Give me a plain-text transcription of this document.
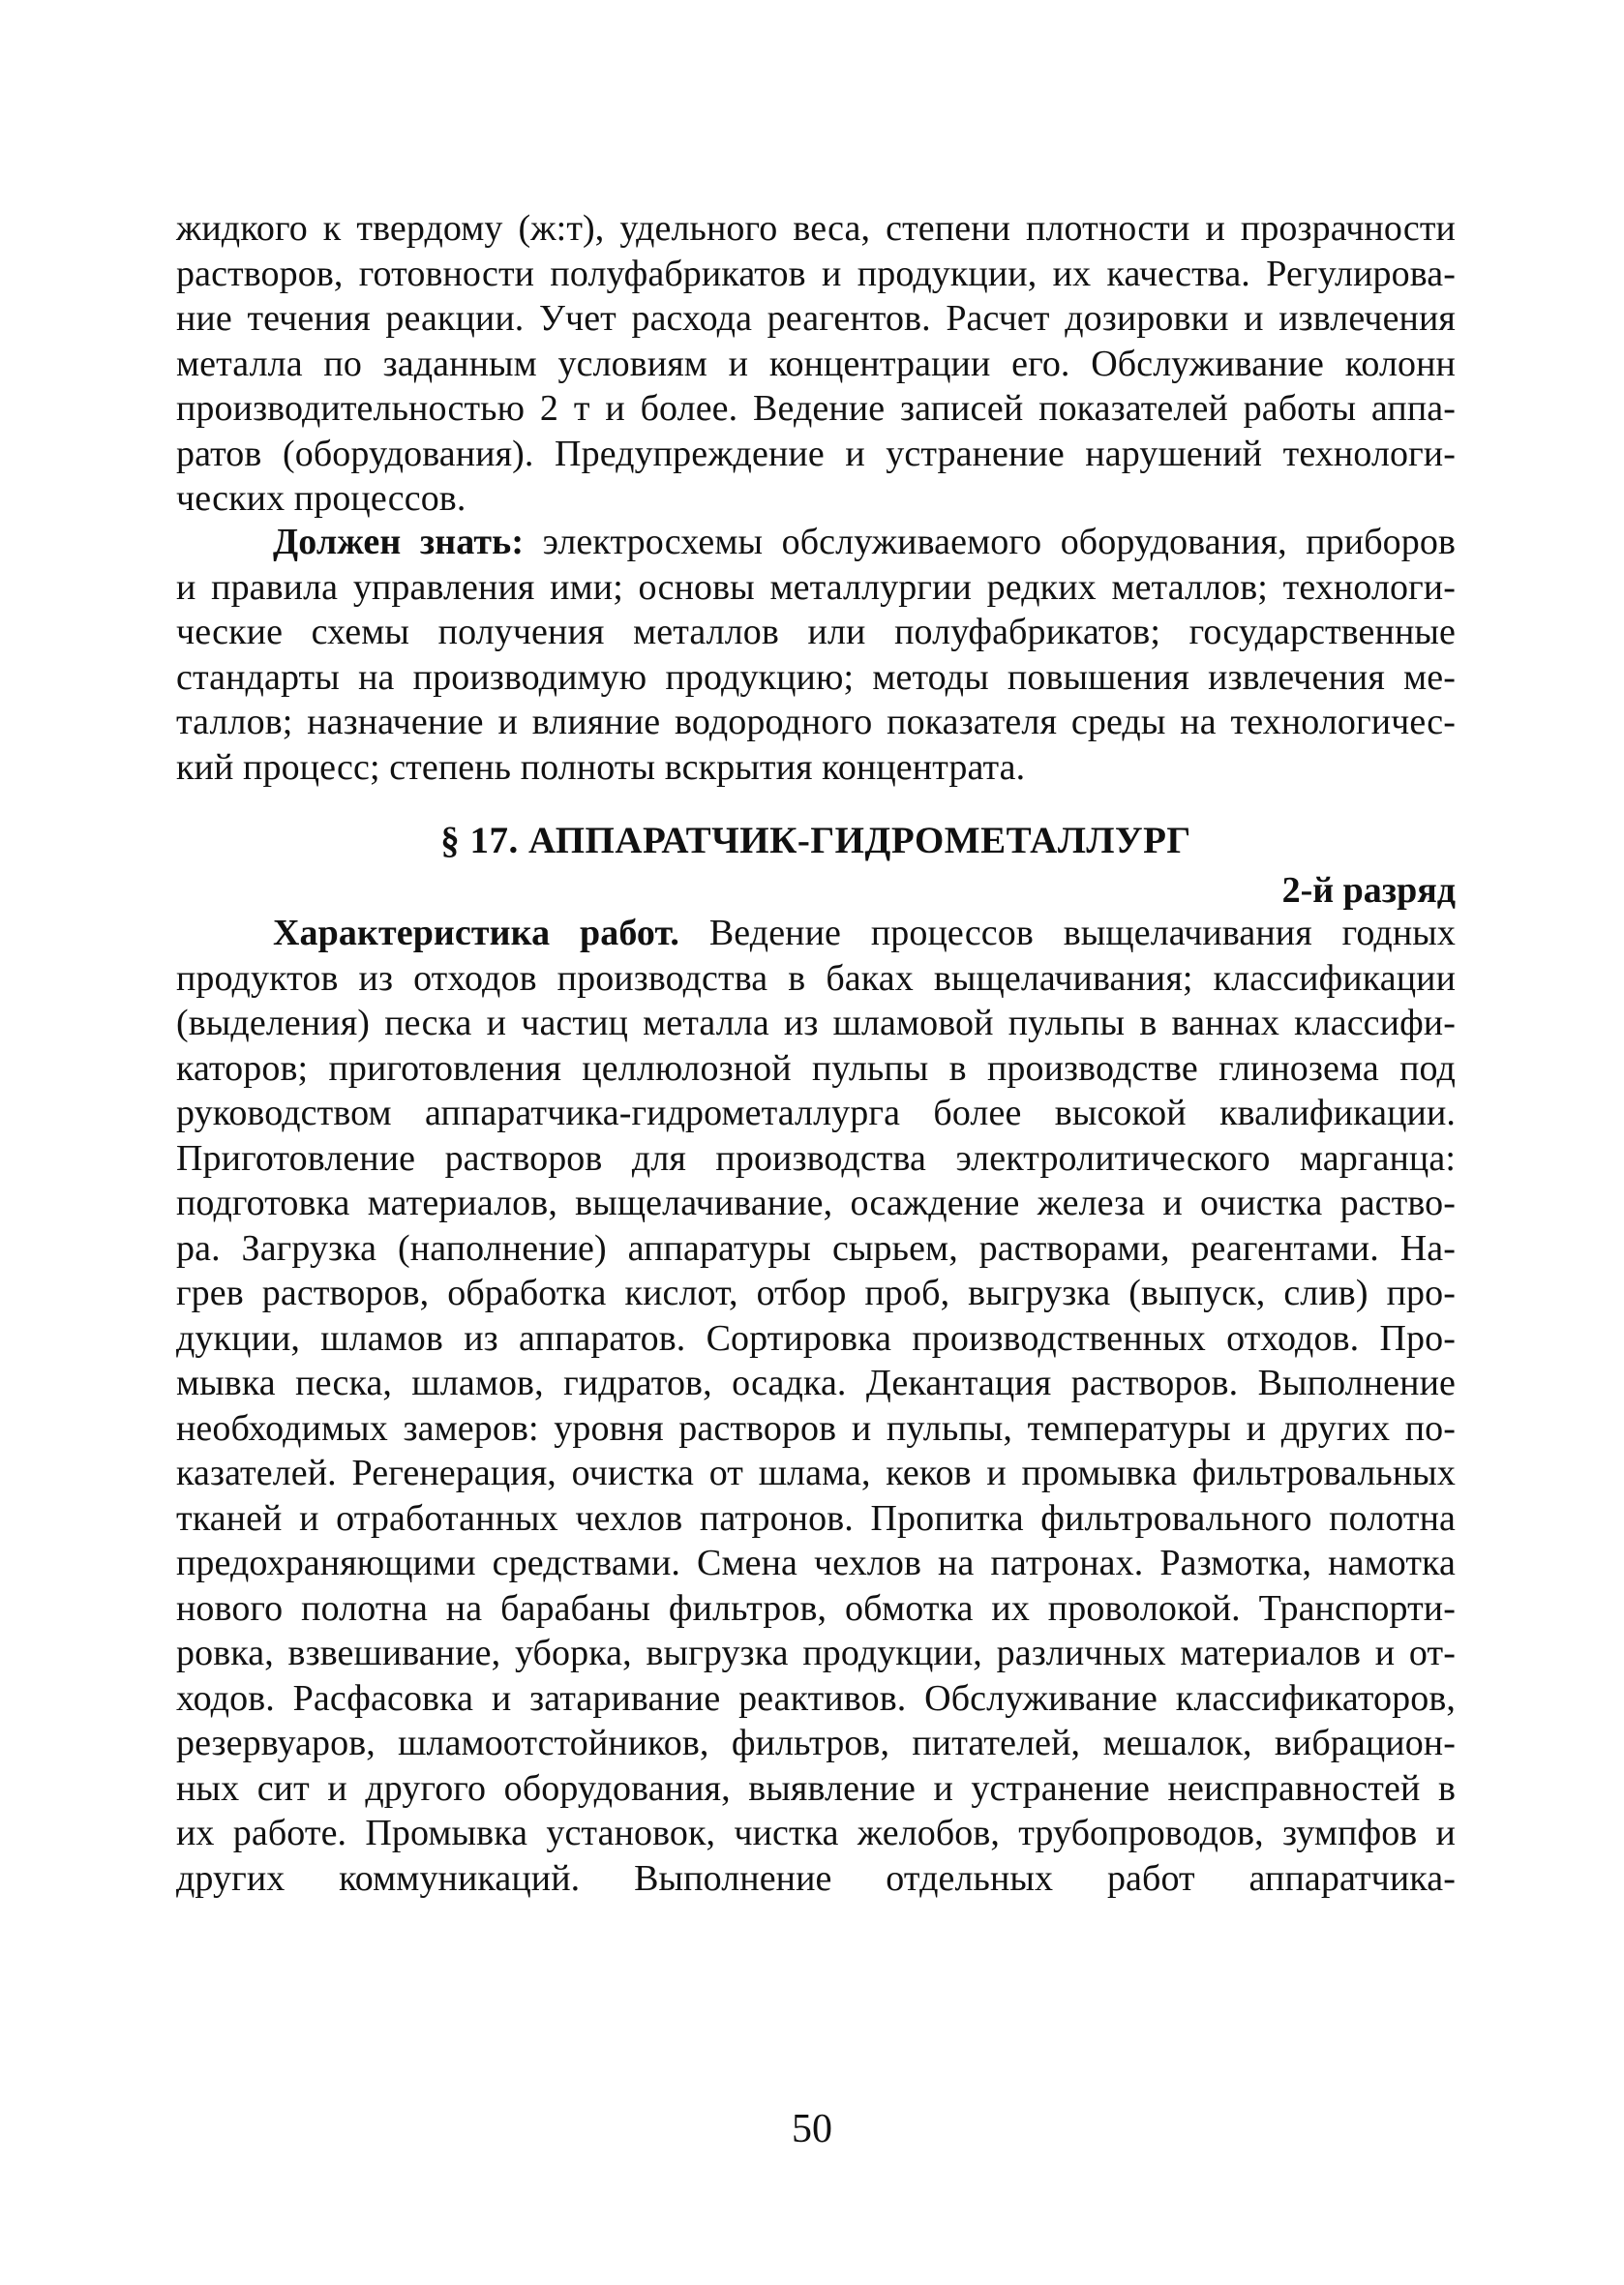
жидкого к твердому (ж:т), удельного веса, степени плотности и прозрачности
растворов, готовности полуфабрикатов и продукции, их качества. Регулирова-
ние течения реакции. Учет расхода реагентов. Расчет дозировки и извлечения
металла по заданным условиям и концентрации его. Обслуживание колонн
производительностью 2 т и более. Ведение записей показателей работы аппа-
ратов (оборудования). Предупреждение и устранение нарушений технологи-
ческих процессов.
Должен знать: электросхемы обслуживаемого оборудования, приборов
и правила управления ими; основы металлургии редких металлов; технологи-
ческие схемы получения металлов или полуфабрикатов; государственные
стандарты на производимую продукцию; методы повышения извлечения ме-
таллов; назначение и влияние водородного показателя среды на технологичес-
кий процесс; степень полноты вскрытия концентрата.
§ 17. АППАРАТЧИК-ГИДРОМЕТАЛЛУРГ
2-й разряд
Характеристика работ. Ведение процессов выщелачивания годных
продуктов из отходов производства в баках выщелачивания; классификации
(выделения) песка и частиц металла из шламовой пульпы в ваннах классифи-
каторов; приготовления целлюлозной пульпы в производстве глинозема под
руководством аппаратчика-гидрометаллурга более высокой квалификации.
Приготовление растворов для производства электролитического марганца:
подготовка материалов, выщелачивание, осаждение железа и очистка раство-
ра. Загрузка (наполнение) аппаратуры сырьем, растворами, реагентами. На-
грев растворов, обработка кислот, отбор проб, выгрузка (выпуск, слив) про-
дукции, шламов из аппаратов. Сортировка производственных отходов. Про-
мывка песка, шламов, гидратов, осадка. Декантация растворов. Выполнение
необходимых замеров: уровня растворов и пульпы, температуры и других по-
казателей. Регенерация, очистка от шлама, кеков и промывка фильтровальных
тканей и отработанных чехлов патронов. Пропитка фильтровального полотна
предохраняющими средствами. Смена чехлов на патронах. Размотка, намотка
нового полотна на барабаны фильтров, обмотка их проволокой. Транспорти-
ровка, взвешивание, уборка, выгрузка продукции, различных материалов и от-
ходов. Расфасовка и затаривание реактивов. Обслуживание классификаторов,
резервуаров, шламоотстойников, фильтров, питателей, мешалок, вибрацион-
ных сит и другого оборудования, выявление и устранение неисправностей в
их работе. Промывка установок, чистка желобов, трубопроводов, зумпфов и
других коммуникаций. Выполнение отдельных работ аппаратчика-
50
